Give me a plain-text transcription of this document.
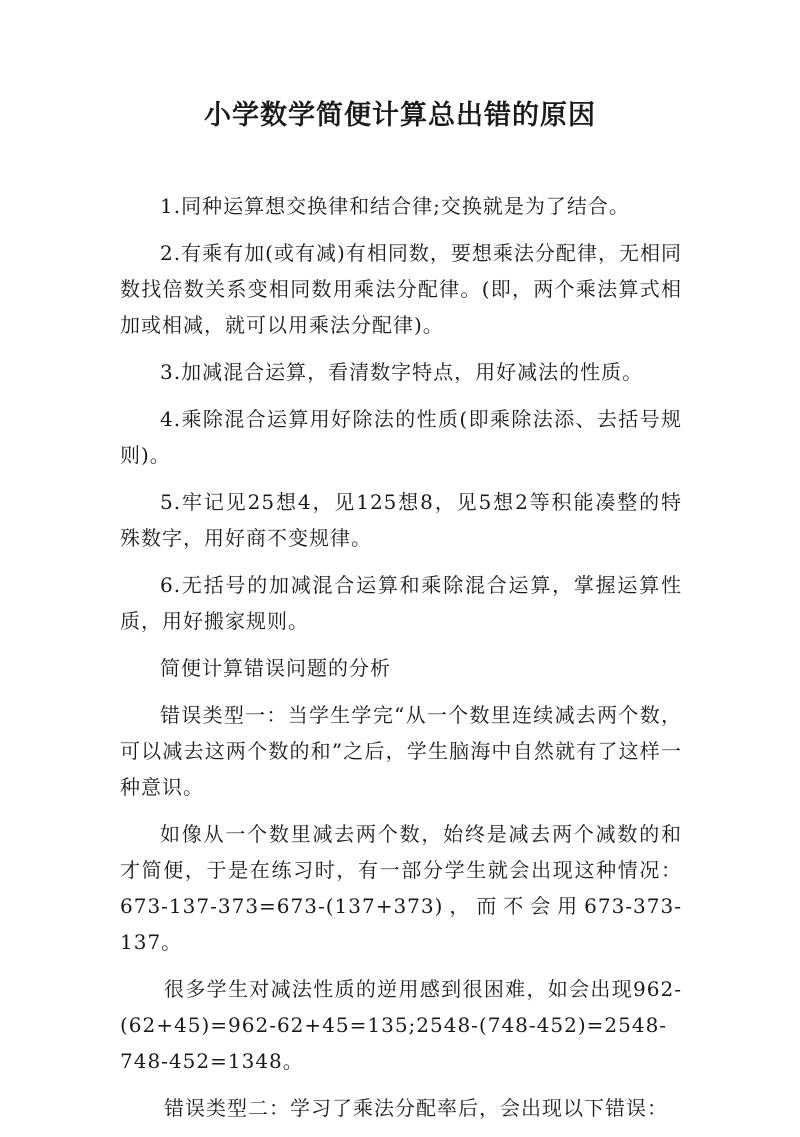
小学数学简便计算总出错的原因

1.同种运算想交换律和结合律;交换就是为了结合。

2.有乘有加(或有减)有相同数，要想乘法分配律，无相同数找倍数关系变相同数用乘法分配律。(即，两个乘法算式相加或相减，就可以用乘法分配律)。

3.加减混合运算，看清数字特点，用好减法的性质。

4.乘除混合运算用好除法的性质(即乘除法添、去括号规则)。

5.牢记见25想4，见125想8，见5想2等积能凑整的特殊数字，用好商不变规律。

6.无括号的加减混合运算和乘除混合运算，掌握运算性质，用好搬家规则。

简便计算错误问题的分析

错误类型一：当学生学完“从一个数里连续减去两个数，可以减去这两个数的和”之后，学生脑海中自然就有了这样一种意识。

如像从一个数里减去两个数，始终是减去两个减数的和才简便，于是在练习时，有一部分学生就会出现这种情况：673-137-373=673-(137+373)，而不会用673-373-137。

很多学生对减法性质的逆用感到很困难，如会出现962-(62+45)=962-62+45=135;2548-(748-452)=2548-748-452=1348。

错误类型二：学习了乘法分配率后，会出现以下错误：
